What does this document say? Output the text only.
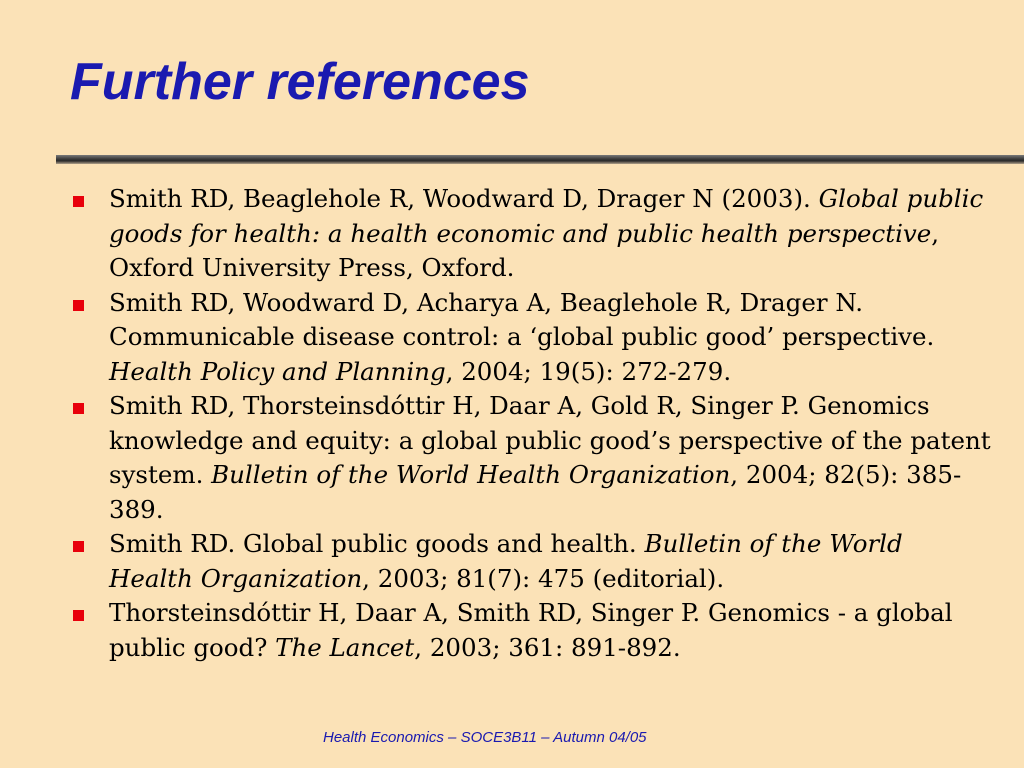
Further references
Smith RD, Beaglehole R, Woodward D, Drager N (2003). Global public goods for health: a health economic and public health perspective, Oxford University Press, Oxford.
Smith RD, Woodward D, Acharya A, Beaglehole R, Drager N. Communicable disease control: a ‘global public good’ perspective. Health Policy and Planning, 2004; 19(5): 272-279.
Smith RD, Thorsteinsdóttir H, Daar A, Gold R, Singer P. Genomics knowledge and equity: a global public good’s perspective of the patent system. Bulletin of the World Health Organization, 2004; 82(5): 385-389.
Smith RD. Global public goods and health. Bulletin of the World Health Organization, 2003; 81(7): 475 (editorial).
Thorsteinsdóttir H, Daar A, Smith RD, Singer P. Genomics - a global public good? The Lancet, 2003; 361: 891-892.
Health Economics – SOCE3B11 – Autumn 04/05
